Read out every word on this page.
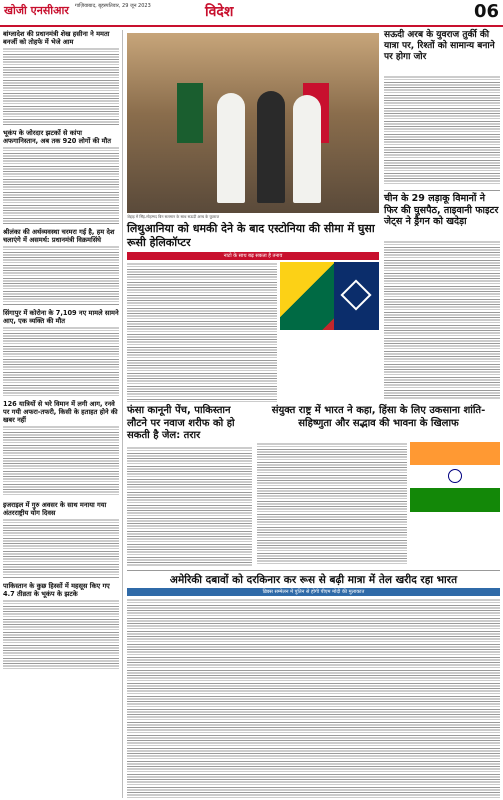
खोजी एनसीआर गाज़ियाबाद, बृहस्पतिवार, 29 जून 2023	विदेश	06
बांग्लादेश की प्रधानमंत्री शेख हसीना ने ममता बनर्जी को तोहफे में भेजे आम
भूकंप के जोरदार झटकों से कांपा अफगानिस्तान, अब तक 920 लोगों की मौत
श्रीलंका की अर्थव्यवस्था चरमरा गई है, हम देश चलाएंगे में असमर्थ: प्रधानमंत्री विक्रमसिंघे
सिंगापुर में कोरोना के 7,109 नए मामले सामने आए, एक व्यक्ति की मौत
126 यात्रियों से भरे विमान में लगी आग, रनवे पर गयी अफरा-तफरी, किसी के हताहत होने की खबर नहीं
इजराइल में गुरु अवसर के साथ मनाया गया अंतरराष्ट्रीय योग दिवस
पाकिस्तान के कुछ हिस्सों में महसूस किए गए 4.7 तीव्रता के भूकंप के झटके
जेद्दाह में सिंह-मोहम्मद बिन सलमान के साथ सऊदी अरब के युवराज
सऊदी अरब के युवराज तुर्की की यात्रा पर, रिश्तों को सामान्य बनाने पर होगा जोर
चीन के 29 लड़ाकू विमानों ने फिर की घुसपैठ, ताइवानी फाइटर जेट्स ने ड्रैगन को खदेड़ा
लिथुआनिया को धमकी देने के बाद एस्टोनिया की सीमा में घुसा रूसी हेलिकॉप्टर
नाटो के साथ बढ़ सकता है तनाव
फंसा कानूनी पेंच, पाकिस्तान लौटने पर नवाज शरीफ को हो सकती है जेल: तरार
संयुक्त राष्ट्र में भारत ने कहा, हिंसा के लिए उकसाना शांति-सहिष्णुता और सद्भाव की भावना के खिलाफ
अमेरिकी दबावों को दरकिनार कर रूस से बढ़ी मात्रा में तेल खरीद रहा भारत
ब्रिक्स सम्मेलन में पुतिन से होगी पीएम मोदी की मुलाकात
